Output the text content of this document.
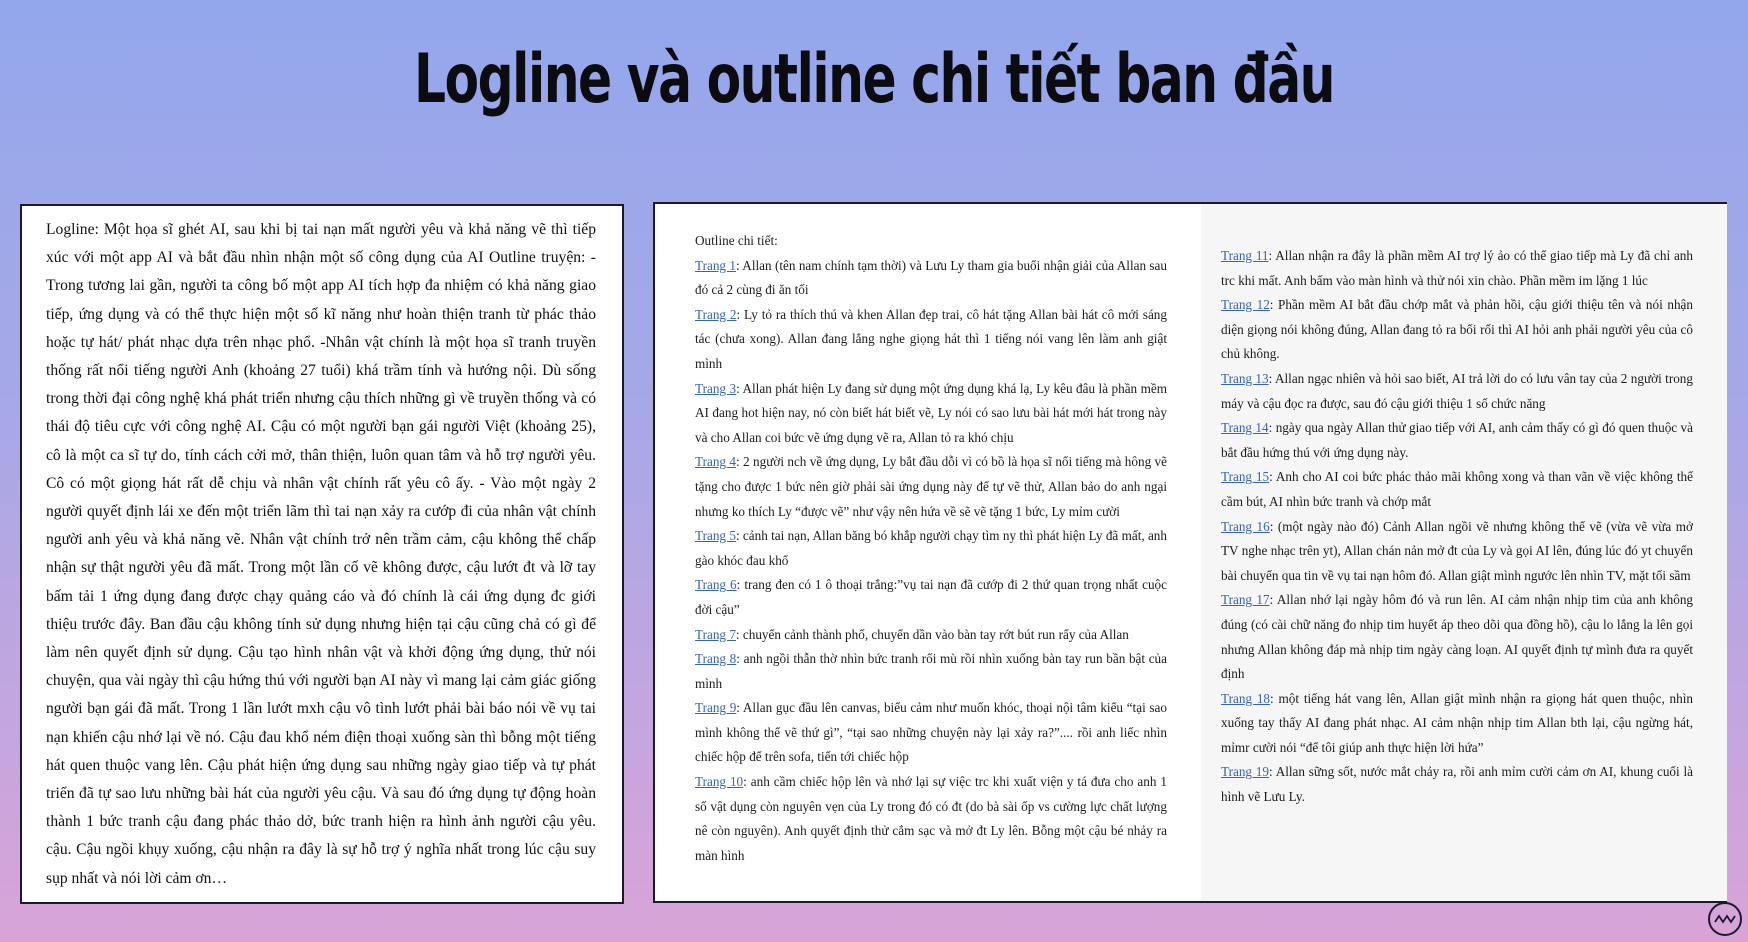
Logline và outline chi tiết ban đầu

Logline: Một họa sĩ ghét AI, sau khi bị tai nạn mất người yêu và khả năng vẽ thì tiếp xúc với một app AI và bắt đầu nhìn nhận một số công dụng của AI Outline truyện: - Trong tương lai gần, người ta công bố một app AI tích hợp đa nhiệm có khả năng giao tiếp, ứng dụng và có thể thực hiện một số kĩ năng như hoàn thiện tranh từ phác thảo hoặc tự hát/ phát nhạc dựa trên nhạc phổ. -Nhân vật chính là một họa sĩ tranh truyền thống rất nổi tiếng người Anh (khoảng 27 tuổi) khá trầm tính và hướng nội. Dù sống trong thời đại công nghệ khá phát triển nhưng cậu thích những gì về truyền thống và có thái độ tiêu cực với công nghệ AI. Cậu có một người bạn gái người Việt (khoảng 25), cô là một ca sĩ tự do, tính cách cởi mở, thân thiện, luôn quan tâm và hỗ trợ người yêu. Cô có một giọng hát rất dễ chịu và nhân vật chính rất yêu cô ấy. - Vào một ngày 2 người quyết định lái xe đến một triển lãm thì tai nạn xảy ra cướp đi của nhân vật chính người anh yêu và khả năng vẽ. Nhân vật chính trở nên trầm cảm, cậu không thể chấp nhận sự thật người yêu đã mất. Trong một lần cố vẽ không được, cậu lướt đt và lỡ tay bấm tải 1 ứng dụng đang được chạy quảng cáo và đó chính là cái ứng dụng đc giới thiệu trước đây. Ban đầu cậu không tính sử dụng nhưng hiện tại cậu cũng chả có gì để làm nên quyết định sử dụng. Cậu tạo hình nhân vật và khởi động ứng dụng, thử nói chuyện, qua vài ngày thì cậu hứng thú với người bạn AI này vì mang lại cảm giác giống người bạn gái đã mất. Trong 1 lần lướt mxh cậu vô tình lướt phải bài báo nói về vụ tai nạn khiến cậu nhớ lại về nó. Cậu đau khổ ném điện thoại xuống sàn thì bỗng một tiếng hát quen thuộc vang lên. Cậu phát hiện ứng dụng sau những ngày giao tiếp và tự phát triển đã tự sao lưu những bài hát của người yêu cậu. Và sau đó ứng dụng tự động hoàn thành 1 bức tranh cậu đang phác thảo dở, bức tranh hiện ra hình ảnh người cậu yêu. cậu. Cậu ngồi khụy xuống, cậu nhận ra đây là sự hỗ trợ ý nghĩa nhất trong lúc cậu suy sụp nhất và nói lời cảm ơn…

Outline chi tiết:

Trang 1: Allan (tên nam chính tạm thời) và Lưu Ly tham gia buổi nhận giải của Allan sau đó cả 2 cùng đi ăn tối

Trang 2: Ly tỏ ra thích thú và khen Allan đẹp trai, cô hát tặng Allan bài hát cô mới sáng tác (chưa xong). Allan đang lắng nghe giọng hát thì 1 tiếng nói vang lên làm anh giật mình

Trang 3: Allan phát hiện Ly đang sử dụng một ứng dụng khá lạ, Ly kêu đâu là phần mềm AI đang hot hiện nay, nó còn biết hát biết vẽ, Ly nói có sao lưu bài hát mới hát trong này và cho Allan coi bức vẽ ứng dụng vẽ ra, Allan tỏ ra khó chịu

Trang 4: 2 người nch về ứng dụng, Ly bắt đầu dỗi vì có bồ là họa sĩ nổi tiếng mà hông vẽ tặng cho được 1 bức nên giờ phải sài ứng dụng này để tự vẽ thử, Allan bảo do anh ngại nhưng ko thích Ly “được vẽ” như vậy nên hứa về sẽ vẽ tặng 1 bức, Ly mỉm cười

Trang 5: cảnh tai nạn, Allan băng bó khắp người chạy tìm ny thì phát hiện Ly đã mất, anh gào khóc đau khổ

Trang 6: trang đen có 1 ô thoại trắng:”vụ tai nạn đã cướp đi 2 thứ quan trọng nhất cuộc đời cậu”

Trang 7: chuyển cảnh thành phố, chuyển dần vào bàn tay rớt bút run rẩy của Allan

Trang 8: anh ngồi thẫn thờ nhìn bức tranh rối mù rồi nhìn xuống bàn tay run bần bật của mình

Trang 9: Allan gục đầu lên canvas, biểu cảm như muốn khóc, thoại nội tâm kiểu “tại sao mình không thể vẽ thứ gì”, “tại sao những chuyện này lại xảy ra?”.... rồi anh liếc nhìn chiếc hộp để trên sofa, tiến tới chiếc hộp

Trang 10: anh cầm chiếc hộp lên và nhớ lại sự việc trc khi xuất viện y tá đưa cho anh 1 số vật dụng còn nguyên vẹn của Ly trong đó có đt (do bà sài ốp vs cường lực chất lượng nê còn nguyên). Anh quyết định thử cắm sạc và mở đt Ly lên. Bỗng một cậu bé nhảy ra màn hình

Trang 11: Allan nhận ra đây là phần mềm AI trợ lý ảo có thể giao tiếp mà Ly đã chỉ anh trc khi mất. Anh bấm vào màn hình và thử nói xin chào. Phần mềm im lặng 1 lúc

Trang 12: Phần mềm AI bắt đầu chớp mắt và phản hồi, cậu giới thiệu tên và nói nhận diện giọng nói không đúng, Allan đang tỏ ra bối rối thì AI hỏi anh phải người yêu của cô chủ không.

Trang 13: Allan ngạc nhiên và hỏi sao biết, AI trả lời do có lưu vân tay của 2 người trong máy và cậu đọc ra được, sau đó cậu giới thiệu 1 số chức năng

Trang 14: ngày qua ngày Allan thử giao tiếp với AI, anh cảm thấy có gì đó quen thuộc và bắt đầu hứng thú với ứng dụng này.

Trang 15: Anh cho AI coi bức phác thảo mãi không xong và than vãn về việc không thể cầm bút, AI nhìn bức tranh và chớp mắt

Trang 16: (một ngày nào đó) Cảnh Allan ngồi vẽ nhưng không thể vẽ (vừa vẽ vừa mở TV nghe nhạc trên yt), Allan chán nản mở đt của Ly và gọi AI lên, đúng lúc đó yt chuyển bài chuyển qua tin về vụ tai nạn hôm đó. Allan giật mình ngước lên nhìn TV, mặt tối sầm

Trang 17: Allan nhớ lại ngày hôm đó và run lên. AI cảm nhận nhịp tim của anh không đúng (có cài chữ năng đo nhịp tim huyết áp theo dõi qua đồng hồ), cậu lo lắng la lên gọi nhưng Allan không đáp mà nhịp tim ngày càng loạn. AI quyết định tự mình đưa ra quyết định

Trang 18: một tiếng hát vang lên, Allan giật mình nhận ra giọng hát quen thuộc, nhìn xuống tay thấy AI đang phát nhạc. AI cảm nhận nhịp tim Allan bth lại, cậu ngừng hát, mỉmr cười nói “để tôi giúp anh thực hiện lời hứa”

Trang 19: Allan sững sốt, nước mắt chảy ra, rồi anh mỉm cười cảm ơn AI, khung cuối là hình vẽ Lưu Ly.
